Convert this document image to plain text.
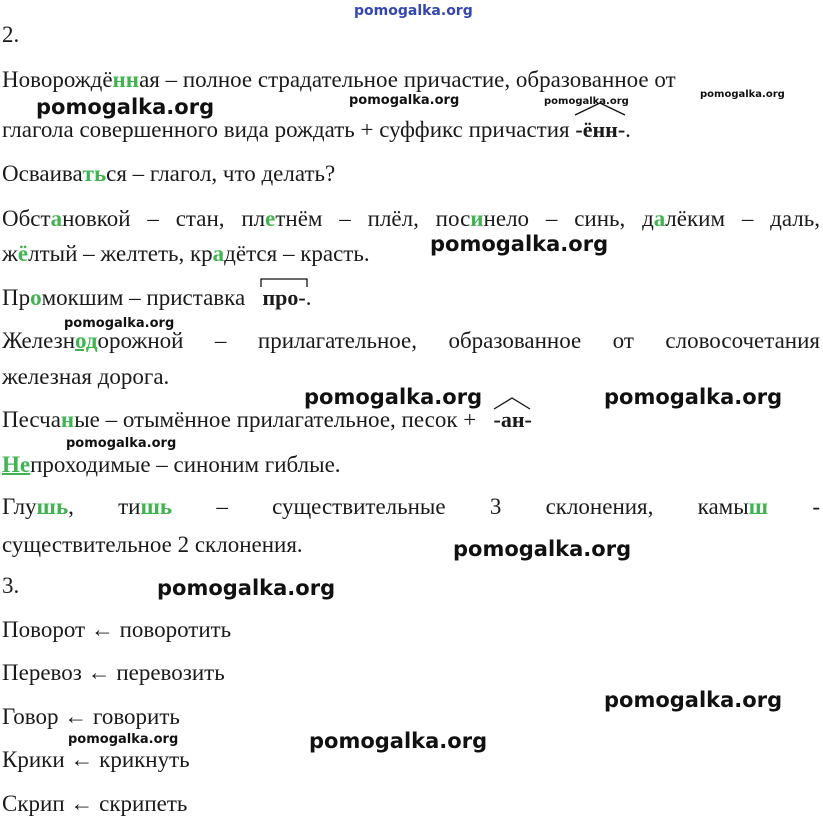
2.
Новорождённая – полное страдательное причастие, образованное от
глагола совершенного вида рождать + суффикс причастия -ённ-.
Осваиваться – глагол, что делать?
Обстановкой – стан, плетнём – плёл, посинело – синь, далёким – даль,
жёлтый – желтеть, крадётся – красть.
Промокшим – приставка про-.
Железнодорожной – прилагательное, образованное от словосочетания
железная дорога.
Песчаные – отымённое прилагательное, песок + -ан-
Непроходимые – синоним гиблые.
Глушь, тишь – существительные 3 склонения, камыш -
существительное 2 склонения.
3.
Поворот ← поворотить
Перевоз ← перевозить
Говор ← говорить
Крики ← крикнуть
Скрип ← скрипеть
pomogalka.org
pomogalka.org	pomogalka.org	pomogalka.org
pomogalka.org
pomogalka.org
pomogalka.org
pomogalka.org	pomogalka.org
pomogalka.org
pomogalka.org
pomogalka.org
pomogalka.org
pomogalka.org	pomogalka.org
